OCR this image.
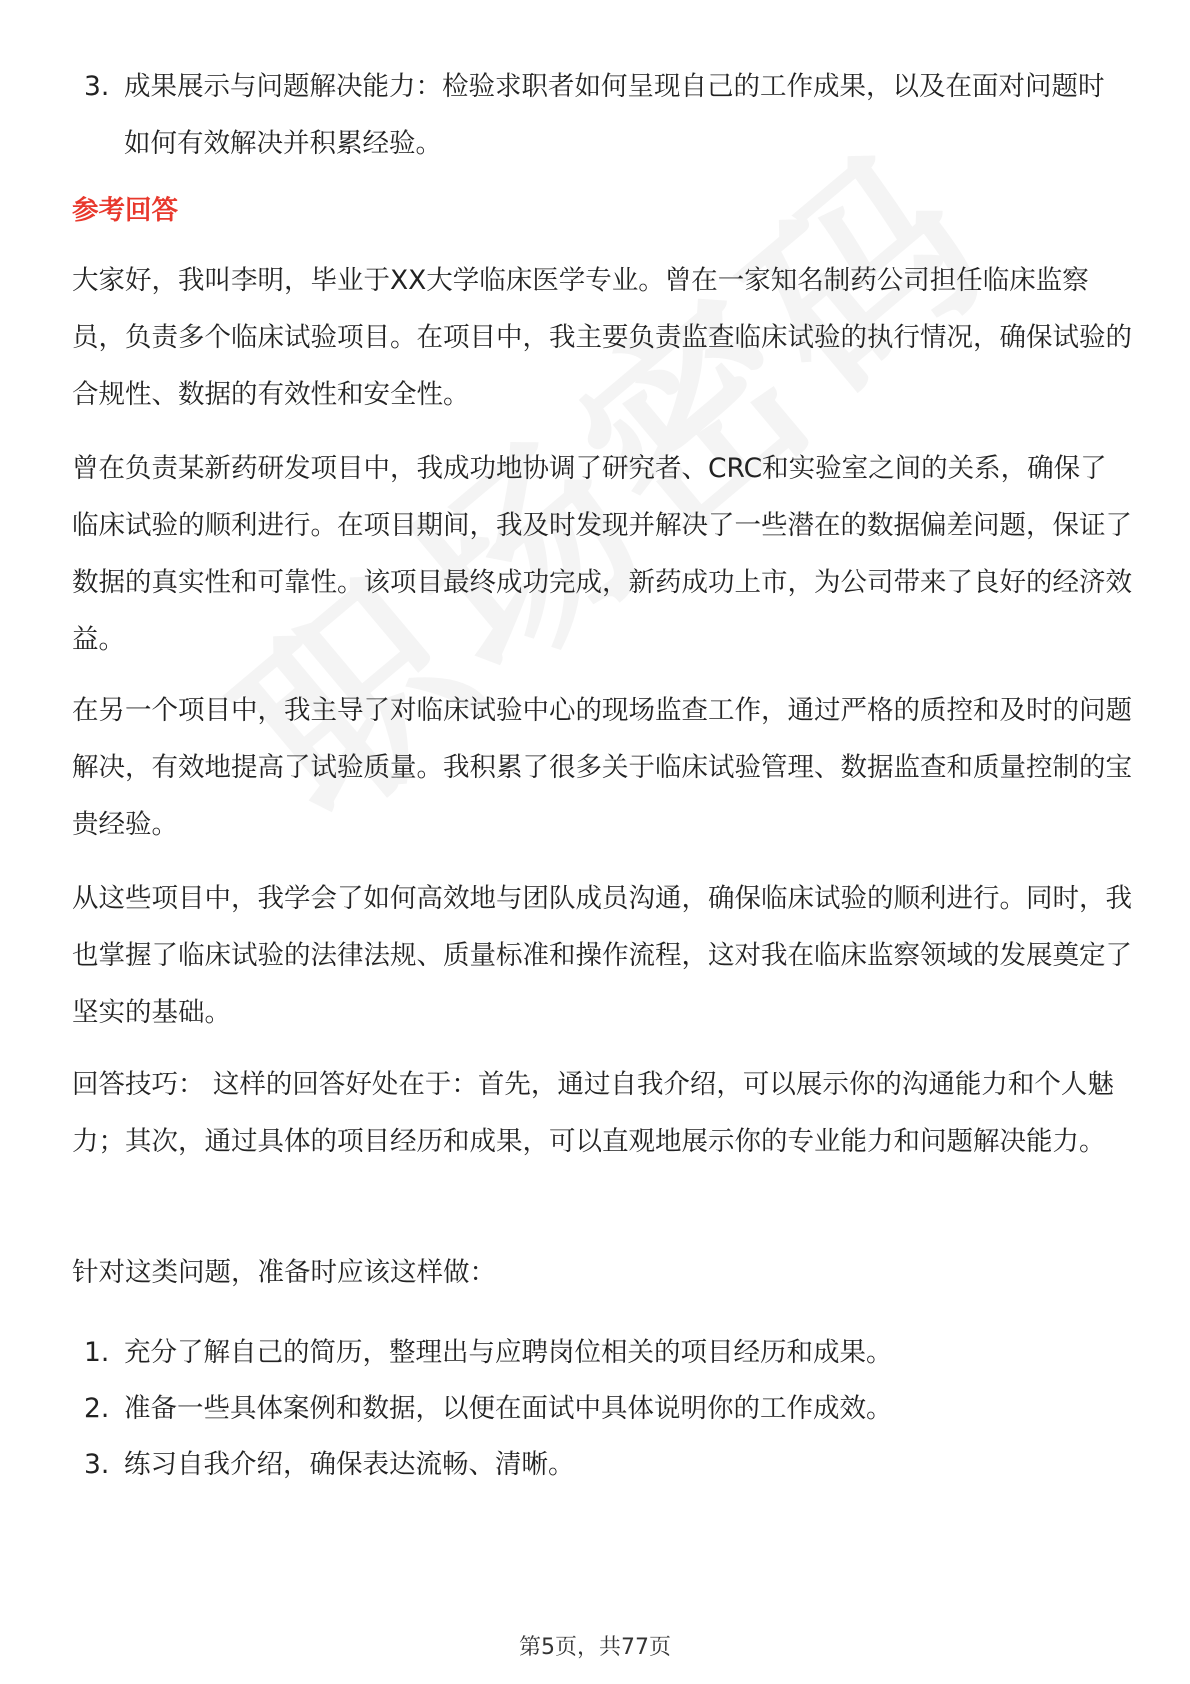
3. 成果展示与问题解决能力：检验求职者如何呈现自己的工作成果，以及在面对问题时如何有效解决并积累经验。

参考回答

大家好，我叫李明，毕业于XX大学临床医学专业。曾在一家知名制药公司担任临床监察员，负责多个临床试验项目。在项目中，我主要负责监查临床试验的执行情况，确保试验的合规性、数据的有效性和安全性。

曾在负责某新药研发项目中，我成功地协调了研究者、CRC和实验室之间的关系，确保了临床试验的顺利进行。在项目期间，我及时发现并解决了一些潜在的数据偏差问题，保证了数据的真实性和可靠性。该项目最终成功完成，新药成功上市，为公司带来了良好的经济效益。

在另一个项目中，我主导了对临床试验中心的现场监查工作，通过严格的质控和及时的问题解决，有效地提高了试验质量。我积累了很多关于临床试验管理、数据监查和质量控制的宝贵经验。

从这些项目中，我学会了如何高效地与团队成员沟通，确保临床试验的顺利进行。同时，我也掌握了临床试验的法律法规、质量标准和操作流程，这对我在临床监察领域的发展奠定了坚实的基础。

回答技巧： 这样的回答好处在于：首先，通过自我介绍，可以展示你的沟通能力和个人魅力；其次，通过具体的项目经历和成果，可以直观地展示你的专业能力和问题解决能力。

针对这类问题，准备时应该这样做：

1. 充分了解自己的简历，整理出与应聘岗位相关的项目经历和成果。
2. 准备一些具体案例和数据，以便在面试中具体说明你的工作成效。
3. 练习自我介绍，确保表达流畅、清晰。
第5页，共77页
